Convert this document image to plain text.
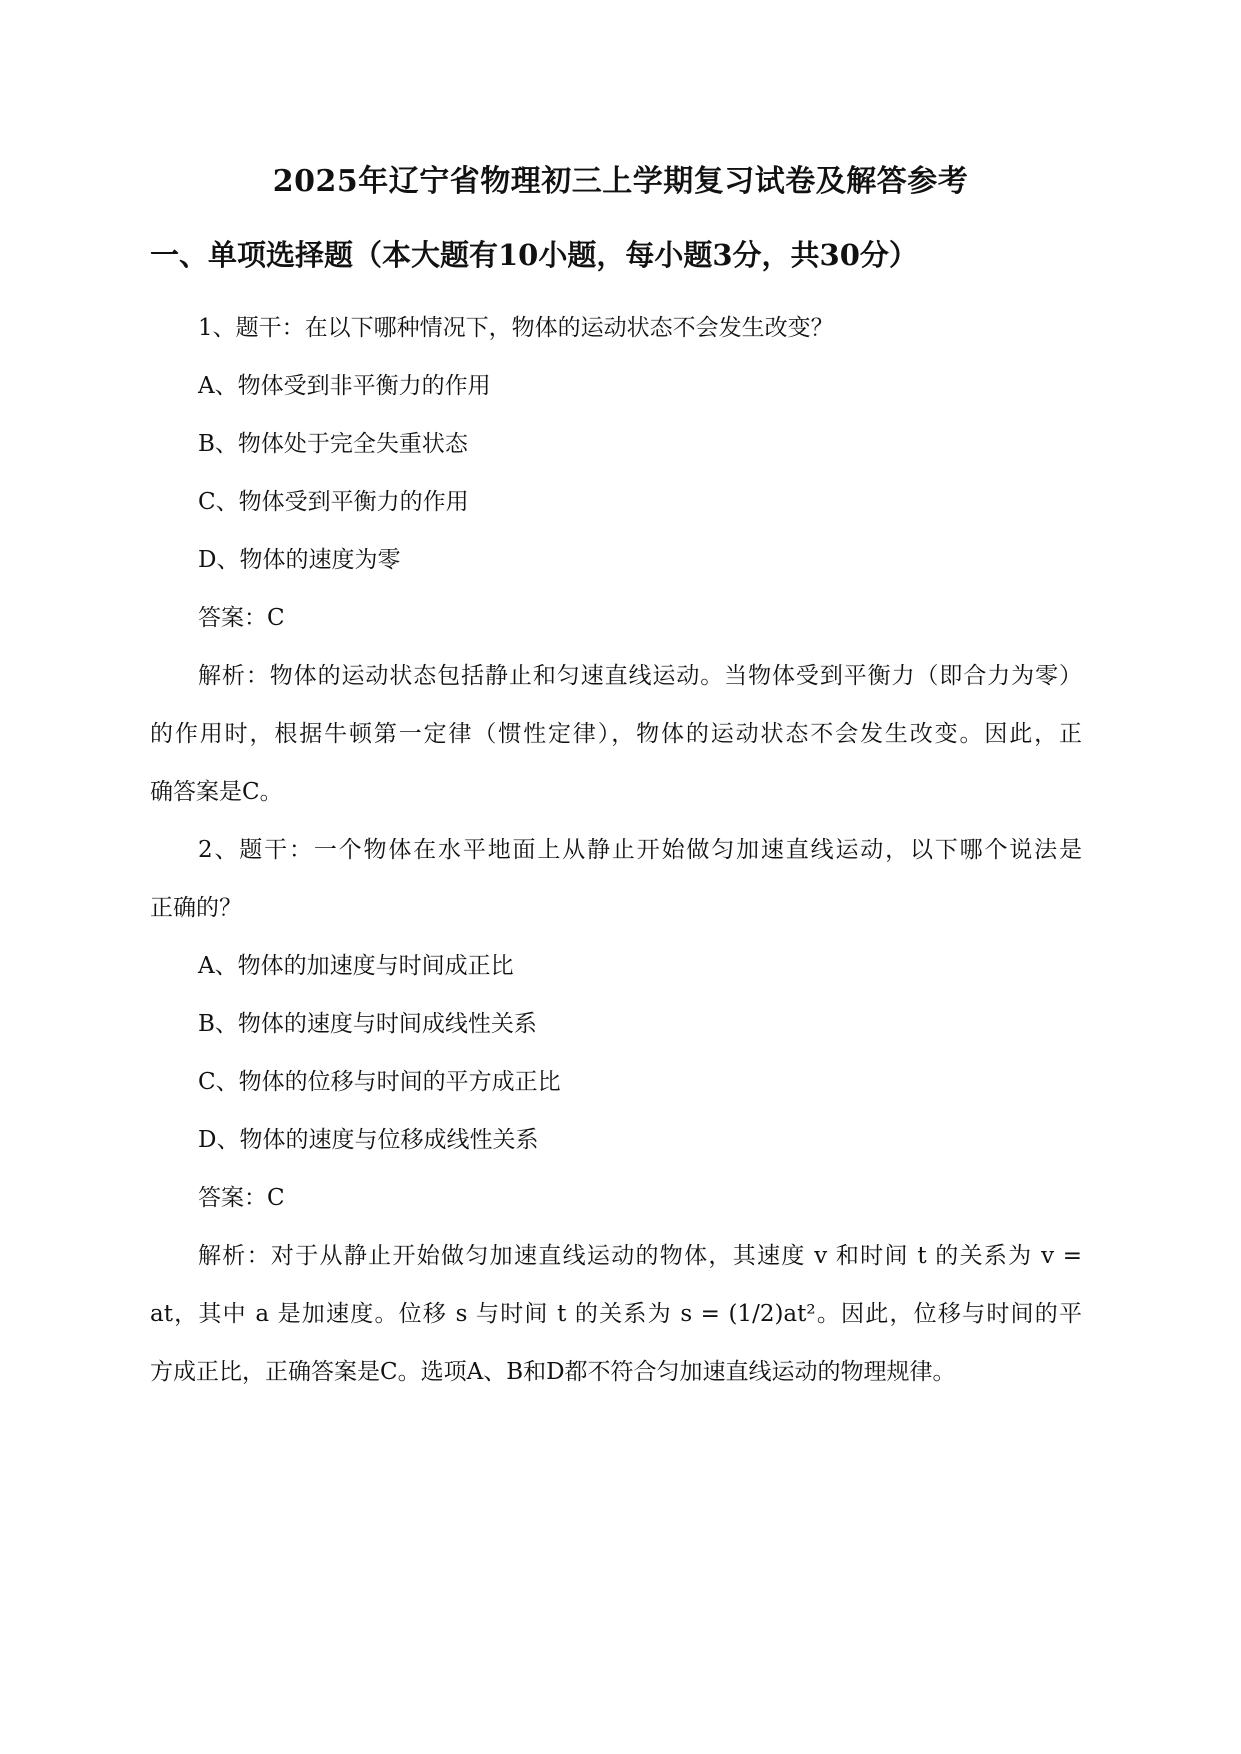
2025年辽宁省物理初三上学期复习试卷及解答参考
一、单项选择题（本大题有10小题，每小题3分，共30分）
1、题干：在以下哪种情况下，物体的运动状态不会发生改变？
A、物体受到非平衡力的作用
B、物体处于完全失重状态
C、物体受到平衡力的作用
D、物体的速度为零
答案：C
解析：物体的运动状态包括静止和匀速直线运动。当物体受到平衡力（即合力为零）
的作用时，根据牛顿第一定律（惯性定律），物体的运动状态不会发生改变。因此，正
确答案是C。
2、题干：一个物体在水平地面上从静止开始做匀加速直线运动，以下哪个说法是
正确的？
A、物体的加速度与时间成正比
B、物体的速度与时间成线性关系
C、物体的位移与时间的平方成正比
D、物体的速度与位移成线性关系
答案：C
解析：对于从静止开始做匀加速直线运动的物体，其速度 v 和时间 t 的关系为 v =
at，其中 a 是加速度。位移 s 与时间 t 的关系为 s = (1/2)at²。因此，位移与时间的平
方成正比，正确答案是C。选项A、B和D都不符合匀加速直线运动的物理规律。
